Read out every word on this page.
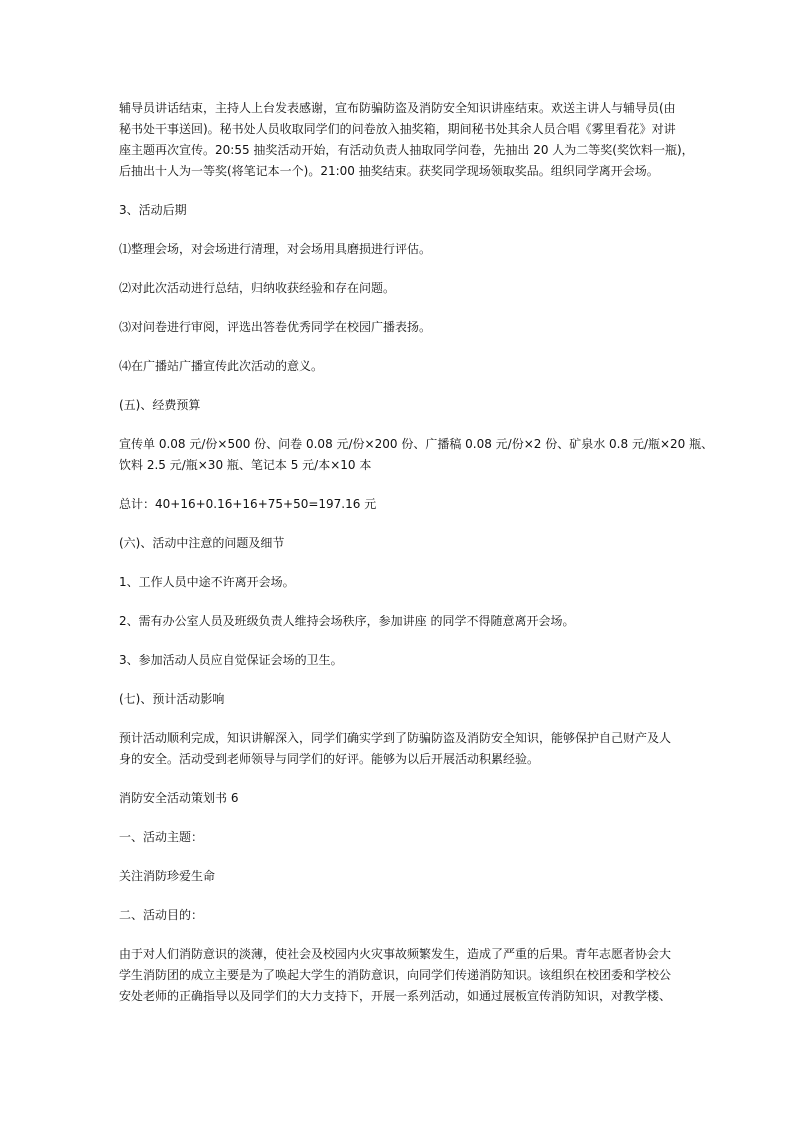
辅导员讲话结束，主持人上台发表感谢，宣布防骗防盗及消防安全知识讲座结束。欢送主讲人与辅导员(由
秘书处干事送回)。秘书处人员收取同学们的问卷放入抽奖箱，期间秘书处其余人员合唱《雾里看花》对讲
座主题再次宣传。20:55 抽奖活动开始，有活动负责人抽取同学问卷，先抽出 20 人为二等奖(奖饮料一瓶)，
后抽出十人为一等奖(将笔记本一个)。21:00 抽奖结束。获奖同学现场领取奖品。组织同学离开会场。
3、活动后期
⑴整理会场，对会场进行清理，对会场用具磨损进行评估。
⑵对此次活动进行总结，归纳收获经验和存在问题。
⑶对问卷进行审阅，评选出答卷优秀同学在校园广播表扬。
⑷在广播站广播宣传此次活动的意义。
(五)、经费预算
宣传单 0.08 元/份×500 份、问卷 0.08 元/份×200 份、广播稿 0.08 元/份×2 份、矿泉水 0.8 元/瓶×20 瓶、
饮料 2.5 元/瓶×30 瓶、笔记本 5 元/本×10 本
总计：40+16+0.16+16+75+50=197.16 元
(六)、活动中注意的问题及细节
1、工作人员中途不许离开会场。
2、需有办公室人员及班级负责人维持会场秩序，参加讲座 的同学不得随意离开会场。
3、参加活动人员应自觉保证会场的卫生。
(七)、预计活动影响
预计活动顺利完成，知识讲解深入，同学们确实学到了防骗防盗及消防安全知识，能够保护自己财产及人
身的安全。活动受到老师领导与同学们的好评。能够为以后开展活动积累经验。
消防安全活动策划书 6
一、活动主题：
关注消防珍爱生命
二、活动目的：
由于对人们消防意识的淡薄，使社会及校园内火灾事故频繁发生，造成了严重的后果。青年志愿者协会大
学生消防团的成立主要是为了唤起大学生的消防意识，向同学们传递消防知识。该组织在校团委和学校公
安处老师的正确指导以及同学们的大力支持下，开展一系列活动，如通过展板宣传消防知识，对教学楼、
